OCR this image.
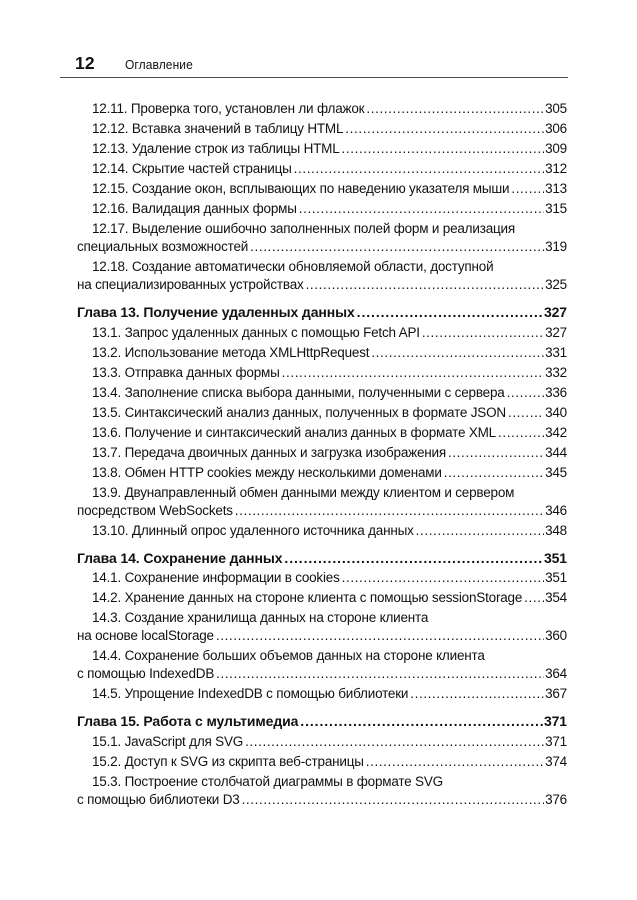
12 Оглавление
12.11. Проверка того, установлен ли флажок .....	305
12.12. Вставка значений в таблицу HTML .....	306
12.13. Удаление строк из таблицы HTML .....	309
12.14. Скрытие частей страницы .....	312
12.15. Создание окон, всплывающих по наведению указателя мыши .....	313
12.16. Валидация данных формы .....	315
12.17. Выделение ошибочно заполненных полей форм и реализация
специальных возможностей .....	319
12.18. Создание автоматически обновляемой области, доступной
на специализированных устройствах .....	325
Глава 13. Получение удаленных данных .....	327
13.1. Запрос удаленных данных с помощью Fetch API .....	327
13.2. Использование метода XMLHttpRequest .....	331
13.3. Отправка данных формы .....	332
13.4. Заполнение списка выбора данными, полученными с сервера .....	336
13.5. Синтаксический анализ данных, полученных в формате JSON .....	340
13.6. Получение и синтаксический анализ данных в формате XML .....	342
13.7. Передача двоичных данных и загрузка изображения .....	344
13.8. Обмен HTTP cookies между несколькими доменами .....	345
13.9. Двунаправленный обмен данными между клиентом и сервером
посредством WebSockets .....	346
13.10. Длинный опрос удаленного источника данных .....	348
Глава 14. Сохранение данных .....	351
14.1. Сохранение информации в cookies .....	351
14.2. Хранение данных на стороне клиента с помощью sessionStorage ..... 354
14.3. Создание хранилища данных на стороне клиента
на основе localStorage .....	360
14.4. Сохранение больших объемов данных на стороне клиента
с помощью IndexedDB .....	364
14.5. Упрощение IndexedDB с помощью библиотеки .....	367
Глава 15. Работа с мультимедиа .....	371
15.1. JavaScript для SVG .....	371
15.2. Доступ к SVG из скрипта веб-страницы .....	374
15.3. Построение столбчатой диаграммы в формате SVG
с помощью библиотеки D3 .....	376
